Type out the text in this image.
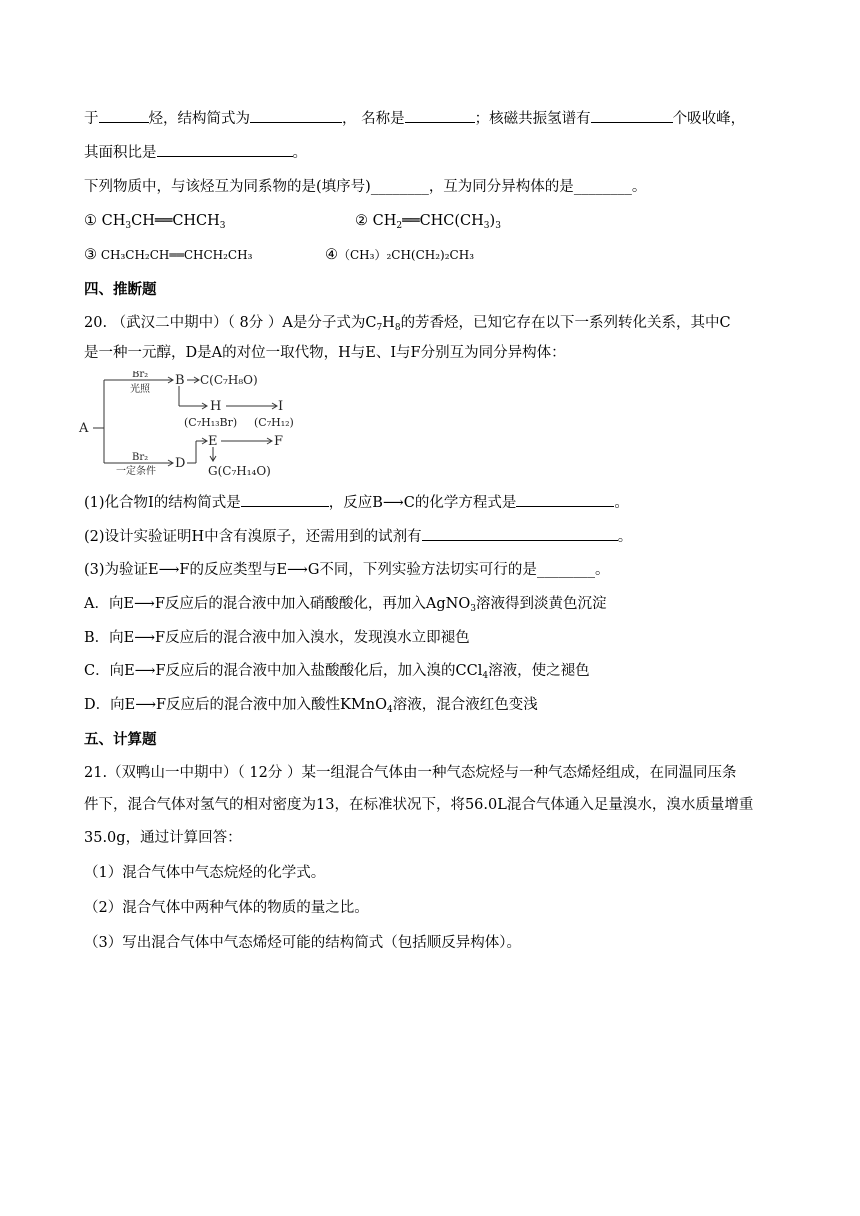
于	烃，结构简式为	， 名称是	；核磁共振氢谱有	个吸收峰，
其面积比是	。
下列物质中，与该烃互为同系物的是(填序号)________，互为同分异构体的是________。
① $CH_3CH══CHCH_3$	② $CH_2══CHC(CH_3)_3$
③ CH₃CH₂CH══CHCH₂CH₃	④（CH₃）₂CH(CH₂)₂CH₃
四、推断题
20. （武汉二中期中）（ 8分 ）A是分子式为$C_7H_8$的芳香烃，已知它存在以下一系列转化关系，其中C
是一种一元醇，D是A的对位一取代物，H与E、I与F分别互为同分异构体：
A
Br₂
光照
B C(C₇H₈O)
H	I
(C₇H₁₃Br) (C₇H₁₂)
Br₂
一定条件
D
E	F
G(C₇H₁₄O)
(1)化合物I的结构简式是	，反应B⟶C的化学方程式是	。
(2)设计实验证明H中含有溴原子，还需用到的试剂有	。
(3)为验证E⟶F的反应类型与E⟶G不同，下列实验方法切实可行的是________。
A．向E⟶F反应后的混合液中加入硝酸酸化，再加入AgNO$_3$溶液得到淡黄色沉淀
B．向E⟶F反应后的混合液中加入溴水，发现溴水立即褪色
C．向E⟶F反应后的混合液中加入盐酸酸化后，加入溴的CCl$_4$溶液，使之褪色
D．向E⟶F反应后的混合液中加入酸性KMnO$_4$溶液，混合液红色变浅
五、计算题
21.（双鸭山一中期中）（ 12分 ）某一组混合气体由一种气态烷烃与一种气态烯烃组成，在同温同压条
件下，混合气体对氢气的相对密度为13，在标准状况下，将56.0L混合气体通入足量溴水，溴水质量增重
35.0g，通过计算回答：
（1）混合气体中气态烷烃的化学式。
（2）混合气体中两种气体的物质的量之比。
（3）写出混合气体中气态烯烃可能的结构简式（包括顺反异构体）。
